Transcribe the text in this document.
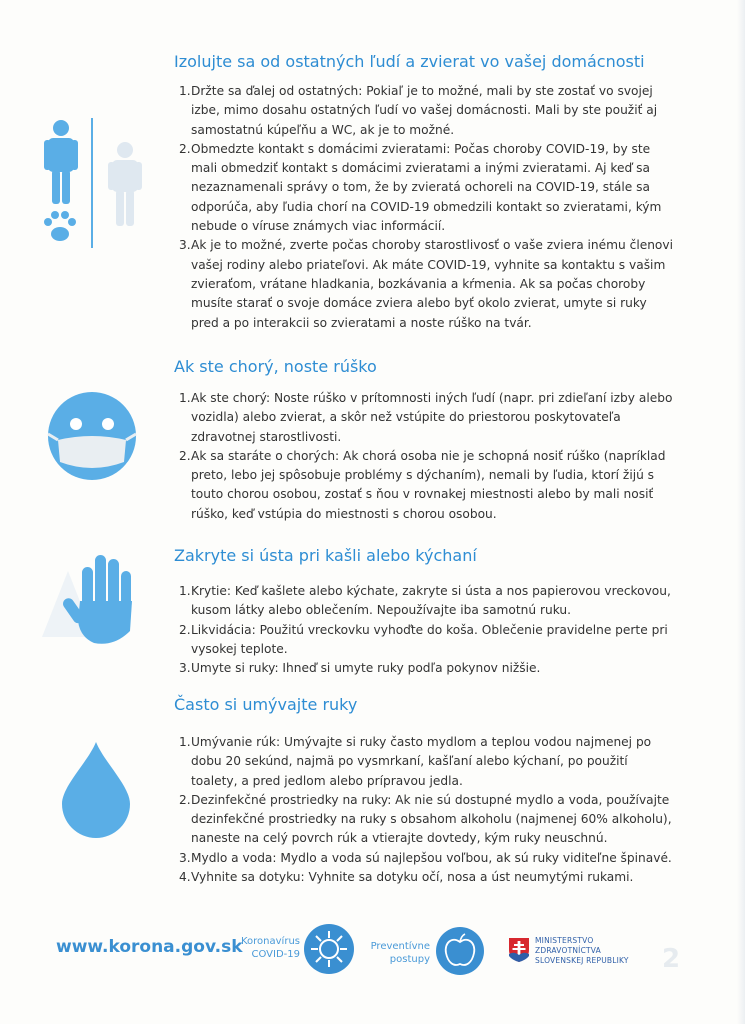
Izolujte sa od ostatných ľudí a zvierat vo vašej domácnosti
1. Držte sa ďalej od ostatných: Pokiaľ je to možné, mali by ste zostať vo svojej izbe, mimo dosahu ostatných ľudí vo vašej domácnosti. Mali by ste použiť aj samostatnú kúpeľňu a WC, ak je to možné.
2. Obmedzte kontakt s domácimi zvieratami: Počas choroby COVID-19, by ste mali obmedziť kontakt s domácimi zvieratami a inými zvieratami. Aj keď sa nezaznamenali správy o tom, že by zvieratá ochoreli na COVID-19, stále sa odporúča, aby ľudia chorí na COVID-19 obmedzili kontakt so zvieratami, kým nebude o víruse známych viac informácií.
3. Ak je to možné, zverte počas choroby starostlivosť o vaše zviera inému členovi vašej rodiny alebo priateľovi. Ak máte COVID-19, vyhnite sa kontaktu s vašim zvieraťom, vrátane hladkania, bozkávania a kŕmenia. Ak sa počas choroby musíte starať o svoje domáce zviera alebo byť okolo zvierat, umyte si ruky pred a po interakcii so zvieratami a noste rúško na tvár.
Ak ste chorý, noste rúško
1. Ak ste chorý: Noste rúško v prítomnosti iných ľudí (napr. pri zdieľaní izby alebo vozidla) alebo zvierat, a skôr než vstúpite do priestorou poskytovateľa zdravotnej starostlivosti.
2. Ak sa staráte o chorých: Ak chorá osoba nie je schopná nosiť rúško (napríklad preto, lebo jej spôsobuje problémy s dýchaním), nemali by ľudia, ktorí žijú s touto chorou osobou, zostať s ňou v rovnakej miestnosti alebo by mali nosiť rúško, keď vstúpia do miestnosti s chorou osobou.
Zakryte si ústa pri kašli alebo kýchaní
1. Krytie: Keď kašlete alebo kýchate, zakryte si ústa a nos papierovou vreckovou, kusom látky alebo oblečením. Nepoužívajte iba samotnú ruku.
2. Likvidácia: Použitú vreckovku vyhoďte do koša. Oblečenie pravidelne perte pri vysokej teplote.
3. Umyte si ruky: Ihneď si umyte ruky podľa pokynov nižšie.
Často si umývajte ruky
1. Umývanie rúk: Umývajte si ruky často mydlom a teplou vodou najmenej po dobu 20 sekúnd, najmä po vysmrkaní, kašľaní alebo kýchaní, po použití toalety, a pred jedlom alebo prípravou jedla.
2. Dezinfekčné prostriedky na ruky: Ak nie sú dostupné mydlo a voda, používajte dezinfekčné prostriedky na ruky s obsahom alkoholu (najmenej 60% alkoholu), naneste na celý povrch rúk a vtierajte dovtedy, kým ruky neuschnú.
3. Mydlo a voda: Mydlo a voda sú najlepšou voľbou, ak sú ruky viditeľne špinavé.
4. Vyhnite sa dotyku: Vyhnite sa dotyku očí, nosa a úst neumytými rukami.
www.korona.gov.sk
Koronavírus
COVID-19
Preventívne
postupy
MINISTERSTVO
ZDRAVOTNÍCTVA
SLOVENSKEJ REPUBLIKY 2
